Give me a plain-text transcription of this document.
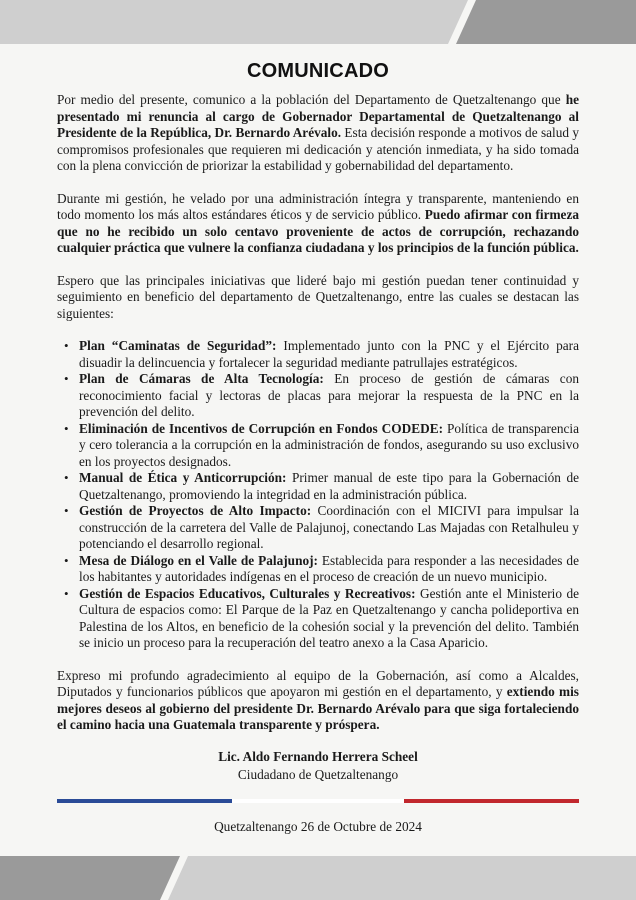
COMUNICADO

Por medio del presente, comunico a la población del Departamento de Quetzaltenango que he presentado mi renuncia al cargo de Gobernador Departamental de Quetzaltenango al Presidente de la República, Dr. Bernardo Arévalo. Esta decisión responde a motivos de salud y compromisos profesionales que requieren mi dedicación y atención inmediata, y ha sido tomada con la plena convicción de priorizar la estabilidad y gobernabilidad del departamento.

Durante mi gestión, he velado por una administración íntegra y transparente, manteniendo en todo momento los más altos estándares éticos y de servicio público. Puedo afirmar con firmeza que no he recibido un solo centavo proveniente de actos de corrupción, rechazando cualquier práctica que vulnere la confianza ciudadana y los principios de la función pública.

Espero que las principales iniciativas que lideré bajo mi gestión puedan tener continuidad y seguimiento en beneficio del departamento de Quetzaltenango, entre las cuales se destacan las siguientes:

• Plan “Caminatas de Seguridad”: Implementado junto con la PNC y el Ejército para disuadir la delincuencia y fortalecer la seguridad mediante patrullajes estratégicos.
• Plan de Cámaras de Alta Tecnología: En proceso de gestión de cámaras con reconocimiento facial y lectoras de placas para mejorar la respuesta de la PNC en la prevención del delito.
• Eliminación de Incentivos de Corrupción en Fondos CODEDE: Política de transparencia y cero tolerancia a la corrupción en la administración de fondos, asegurando su uso exclusivo en los proyectos designados.
• Manual de Ética y Anticorrupción: Primer manual de este tipo para la Gobernación de Quetzaltenango, promoviendo la integridad en la administración pública.
• Gestión de Proyectos de Alto Impacto: Coordinación con el MICIVI para impulsar la construcción de la carretera del Valle de Palajunoj, conectando Las Majadas con Retalhuleu y potenciando el desarrollo regional.
• Mesa de Diálogo en el Valle de Palajunoj: Establecida para responder a las necesidades de los habitantes y autoridades indígenas en el proceso de creación de un nuevo municipio.
• Gestión de Espacios Educativos, Culturales y Recreativos: Gestión ante el Ministerio de Cultura de espacios como: El Parque de la Paz en Quetzaltenango y cancha polideportiva en Palestina de los Altos, en beneficio de la cohesión social y la prevención del delito. También se inicio un proceso para la recuperación del teatro anexo a la Casa Aparicio.

Expreso mi profundo agradecimiento al equipo de la Gobernación, así como a Alcaldes, Diputados y funcionarios públicos que apoyaron mi gestión en el departamento, y extiendo mis mejores deseos al gobierno del presidente Dr. Bernardo Arévalo para que siga fortaleciendo el camino hacia una Guatemala transparente y próspera.

Lic. Aldo Fernando Herrera Scheel
Ciudadano de Quetzaltenango
Quetzaltenango 26 de Octubre de 2024
